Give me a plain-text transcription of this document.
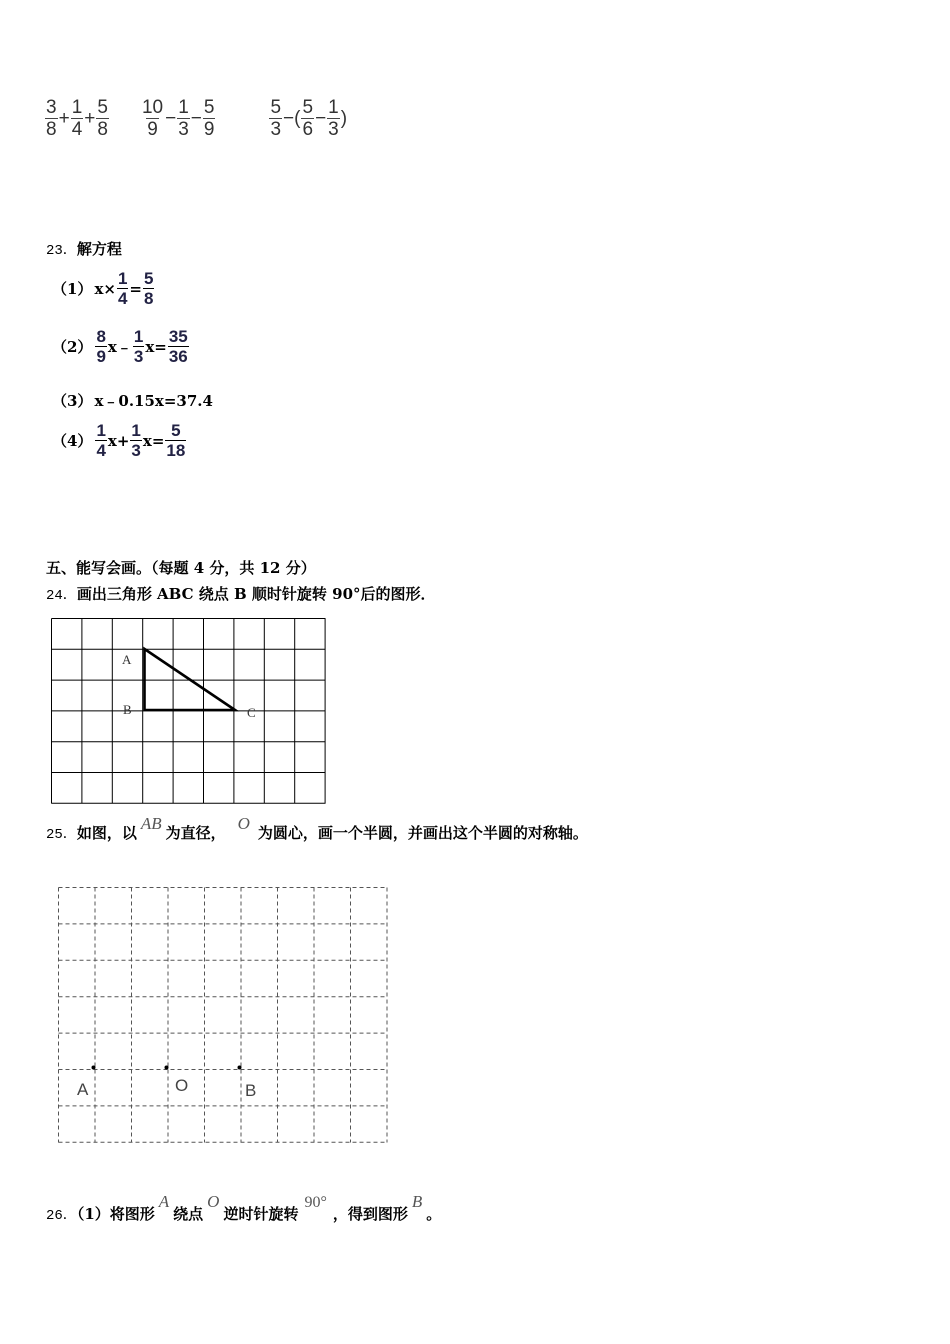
$\frac{3}{8} + \frac{1}{4} + \frac{5}{8} \frac{10}{9} - \frac{1}{3} - \frac{5}{9}$	$\frac{5}{3}$ −( $\frac{5}{6} - \frac{1}{3}$ )
23．解方程
（1） $x\times \frac{1}{4} = \frac{5}{8}$
$(2) \frac{8}{9}$ x﹣ $\frac{1}{3} x= \frac{35}{36}$
（3） x﹣0.15x=37.4
$(4) \frac{1}{4} x+ \frac{1}{3} x= \frac{5}{18}$
五、能写会画。（每题 4 分，共 12 分）
24．画出三角形 ABC 绕点 B 顺时针旋转 90°后的图形．
A
B	C
25．如图，以 AB 为直径， O 为圆心，画一个半圆，并画出这个半圆的对称轴。
A	O	B
26．（1）将图形A绕点O逆时针旋转90°，得到图形B。
